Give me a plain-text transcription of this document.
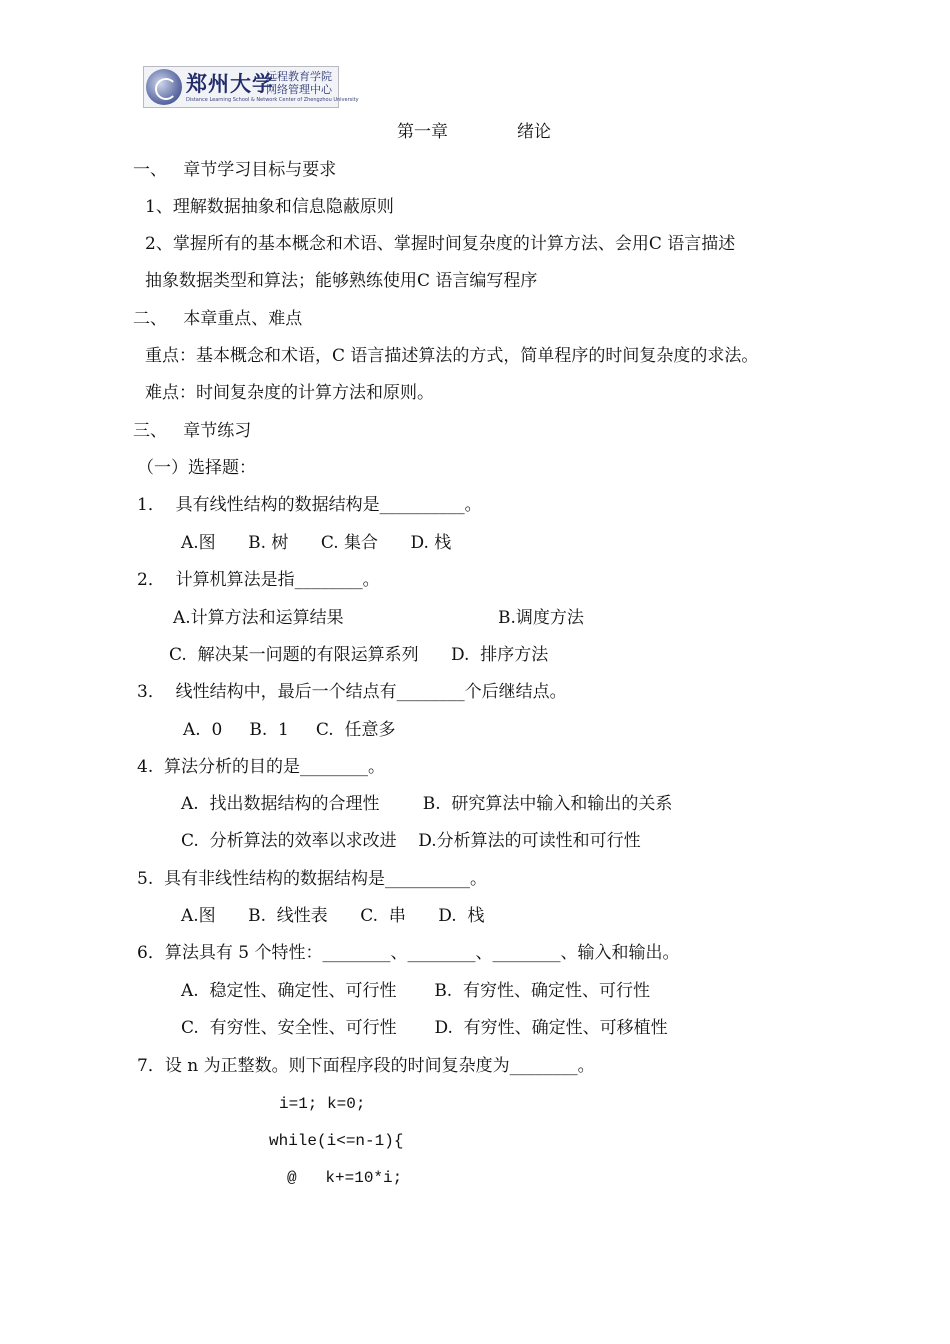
郑州大学
远程教育学院
网络管理中心
Distance Learning School & Network Center of Zhengzhou University
第一章	绪论
一、   章节学习目标与要求
1、理解数据抽象和信息隐蔽原则
2、掌握所有的基本概念和术语、掌握时间复杂度的计算方法、会用C 语言描述
抽象数据类型和算法；能够熟练使用C 语言编写程序
二、   本章重点、难点
重点：基本概念和术语，C 语言描述算法的方式，简单程序的时间复杂度的求法。
难点：时间复杂度的计算方法和原则。
三、   章节练习
（一）选择题：
1．  具有线性结构的数据结构是__________。
A.图      B. 树      C. 集合      D. 栈
2．  计算机算法是指________。
A.计算方法和运算结果	B.调度方法
C.  解决某一问题的有限运算系列      D.  排序方法
3．  线性结构中，最后一个结点有________个后继结点。
A.  0     B.  1     C.  任意多
4.  算法分析的目的是________。
A.  找出数据结构的合理性        B.  研究算法中输入和输出的关系
C.  分析算法的效率以求改进    D.分析算法的可读性和可行性
5.  具有非线性结构的数据结构是__________。
A.图      B.  线性表      C.  串      D.  栈
6．算法具有 5 个特性：________、________、________、输入和输出。
A.  稳定性、确定性、可行性       B.  有穷性、确定性、可行性
C.  有穷性、安全性、可行性       D.  有穷性、确定性、可移植性
7．设 n 为正整数。则下面程序段的时间复杂度为________。
i=1; k=0;
while(i<=n-1){
@   k+=10*i;
